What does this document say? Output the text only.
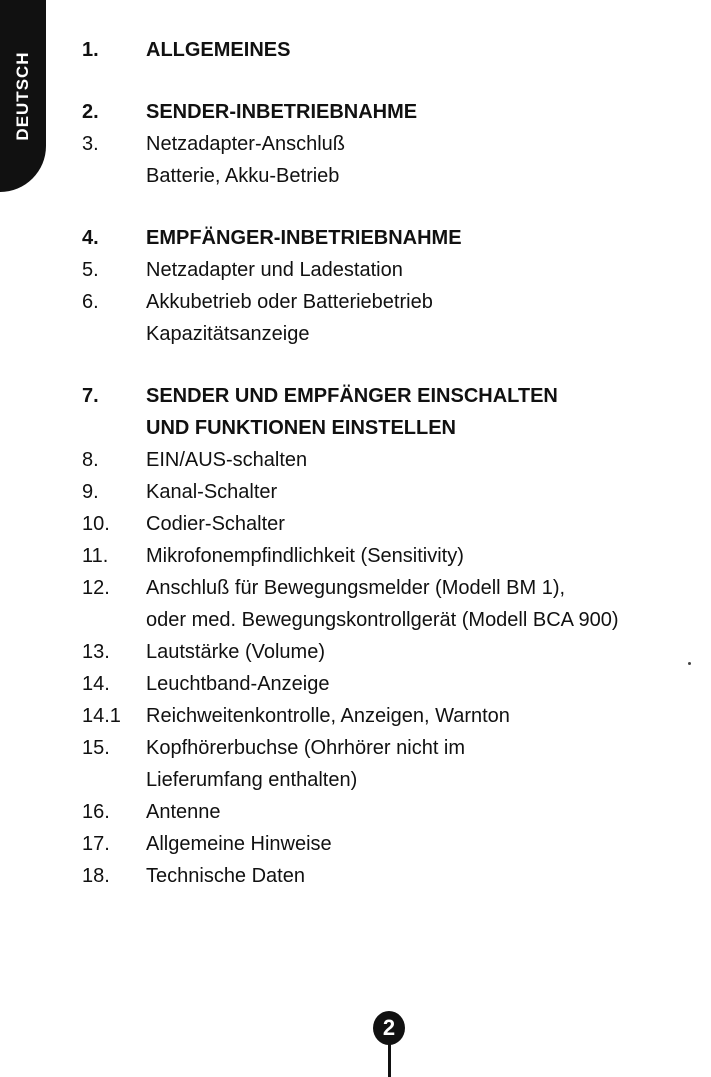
DEUTSCH
1.	ALLGEMEINES
2.	SENDER-INBETRIEBNAHME
3.	Netzadapter-Anschluß
Batterie, Akku-Betrieb
4.	EMPFÄNGER-INBETRIEBNAHME
5.	Netzadapter und Ladestation
6.	Akkubetrieb oder Batteriebetrieb
Kapazitätsanzeige
7.	SENDER UND EMPFÄNGER EINSCHALTEN
UND FUNKTIONEN EINSTELLEN
8.	EIN/AUS-schalten
9.	Kanal-Schalter
10.	Codier-Schalter
11.	Mikrofonempfindlichkeit (Sensitivity)
12.	Anschluß für Bewegungsmelder (Modell BM 1),
oder med. Bewegungskontrollgerät (Modell BCA 900)
13.	Lautstärke (Volume)
14.	Leuchtband-Anzeige
14.1	Reichweitenkontrolle, Anzeigen, Warnton
15.	Kopfhörerbuchse (Ohrhörer nicht im
Lieferumfang enthalten)
16.	Antenne
17.	Allgemeine Hinweise
18.	Technische Daten
2
